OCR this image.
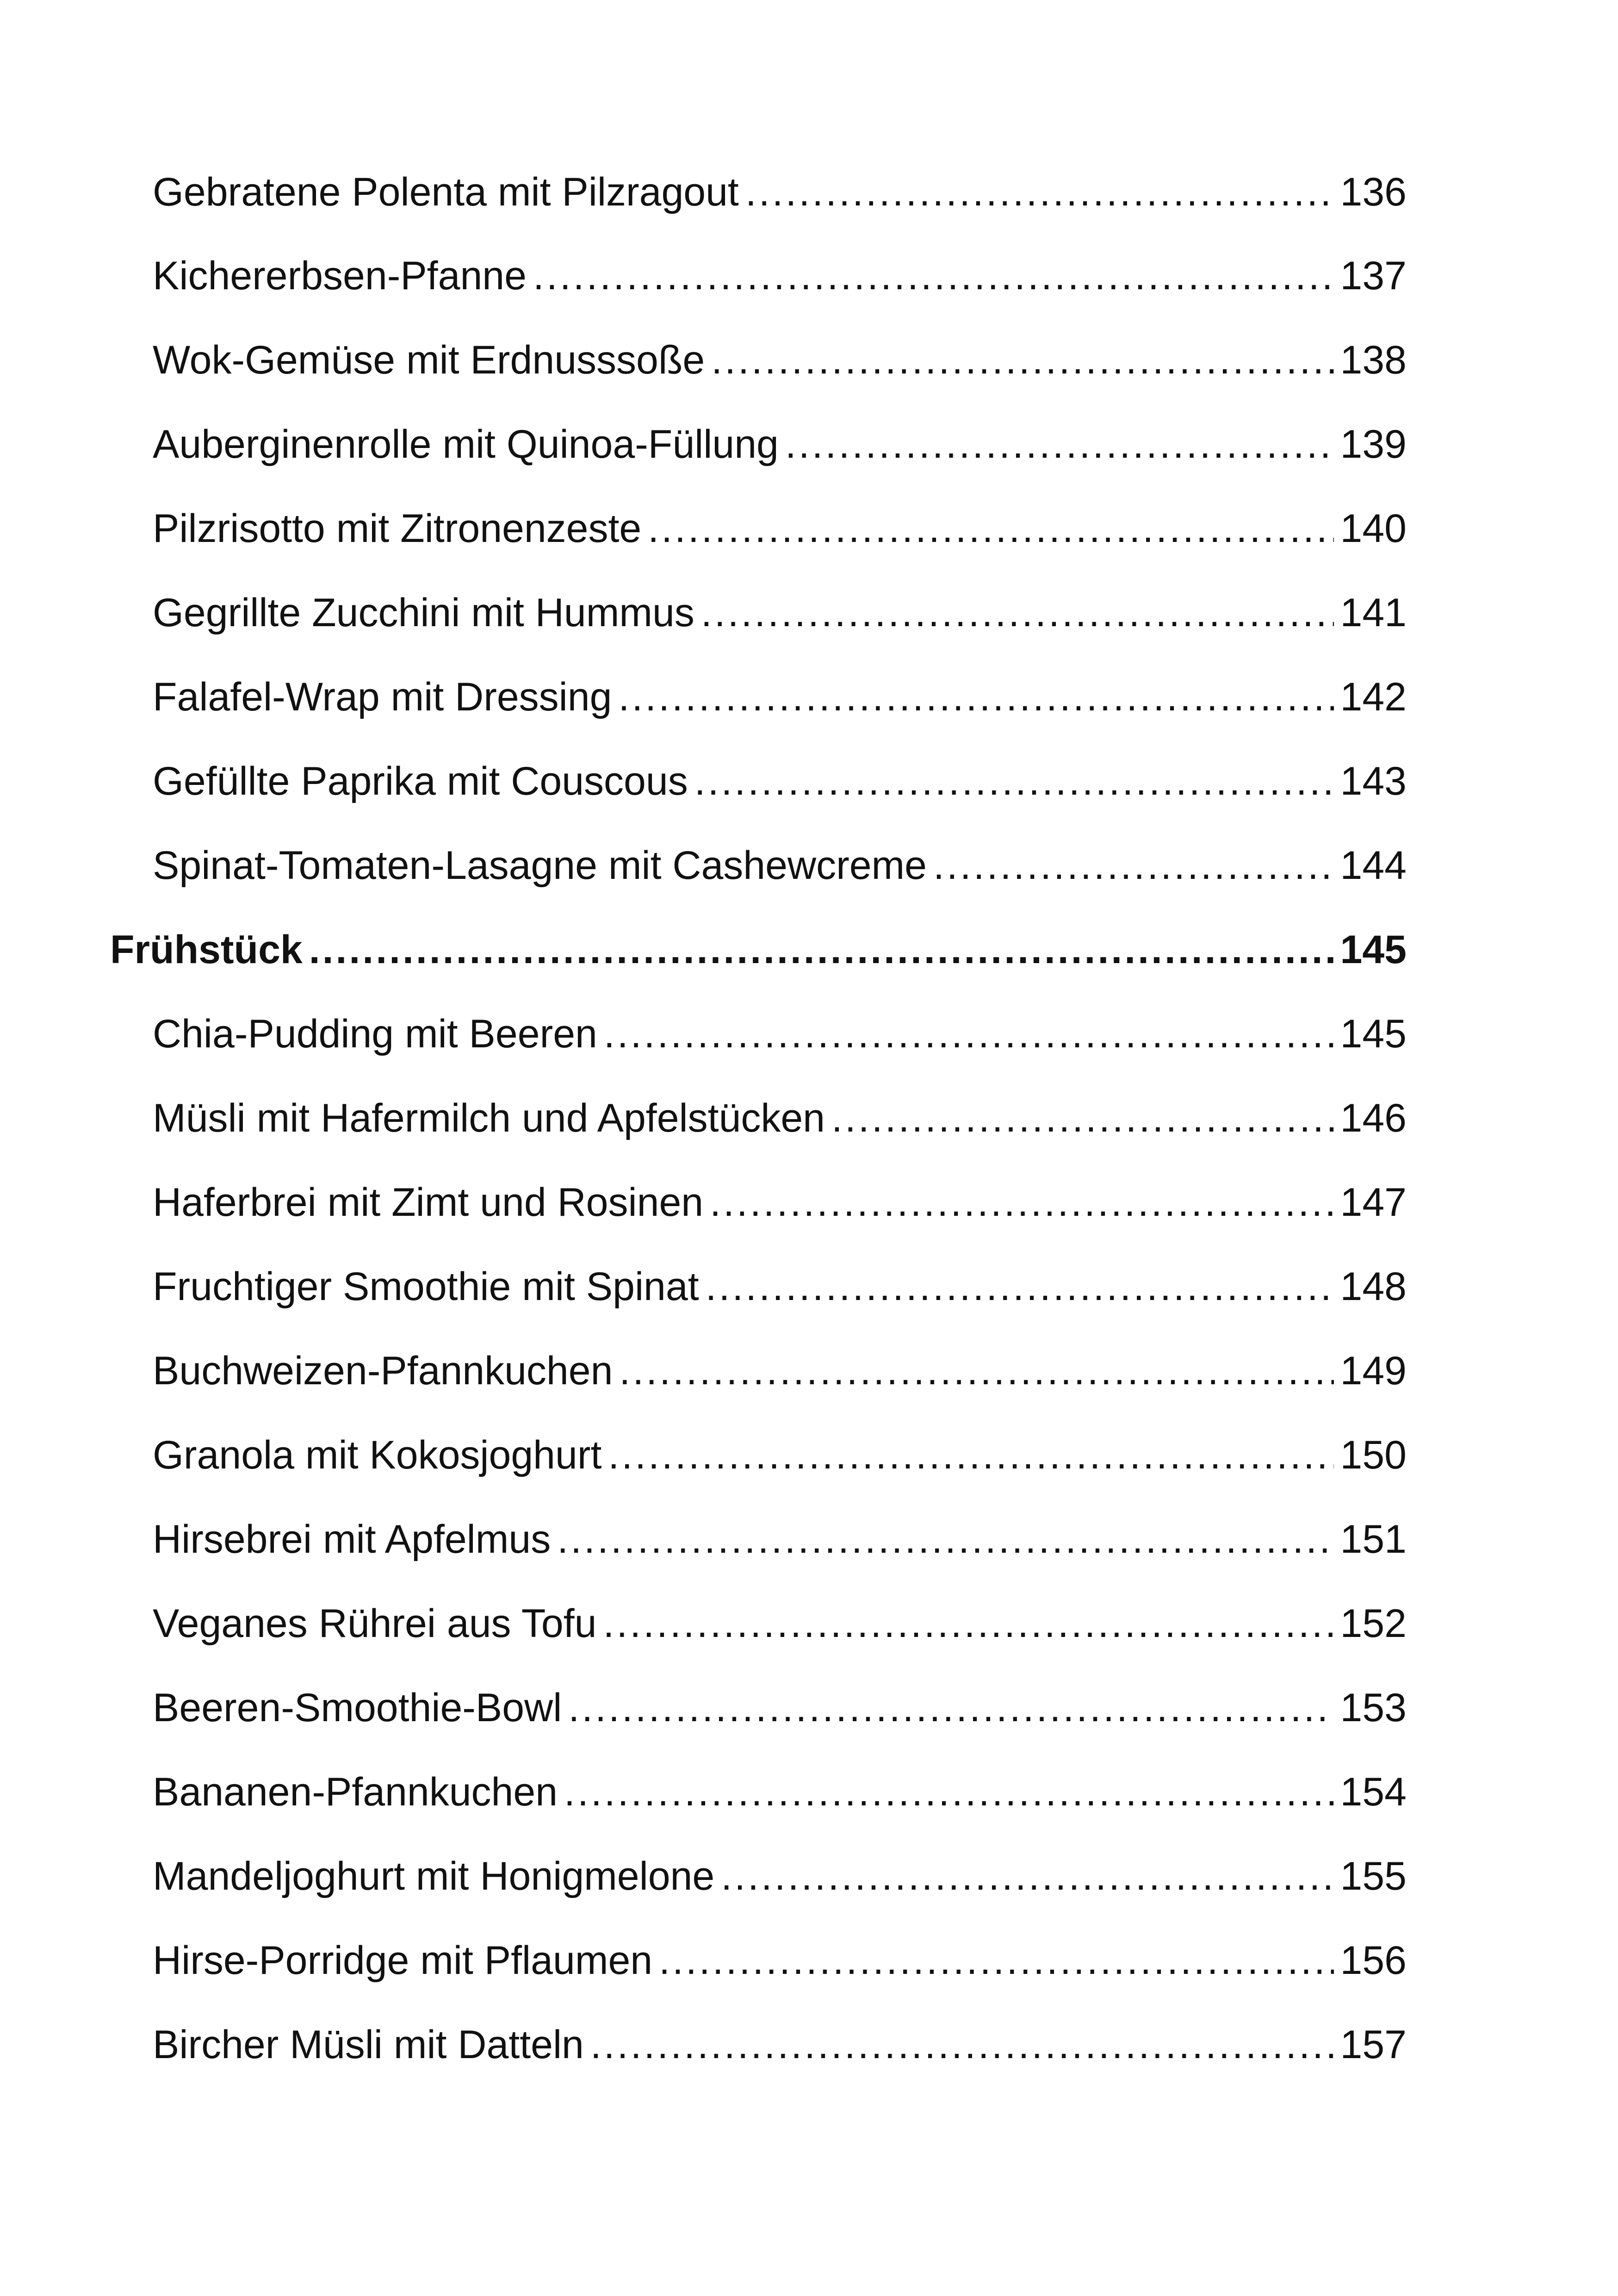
Gebratene Polenta mit Pilzragout .....	136
Kichererbsen-Pfanne .....	137
Wok-Gemüse mit Erdnusssoße .....	138
Auberginenrolle mit Quinoa-Füllung .....	139
Pilzrisotto mit Zitronenzeste .....	140
Gegrillte Zucchini mit Hummus .....	141
Falafel-Wrap mit Dressing .....	142
Gefüllte Paprika mit Couscous .....	143
Spinat-Tomaten-Lasagne mit Cashewcreme .....	144
Frühstück .....	145
Chia-Pudding mit Beeren .....	145
Müsli mit Hafermilch und Apfelstücken .....	146
Haferbrei mit Zimt und Rosinen .....	147
Fruchtiger Smoothie mit Spinat .....	148
Buchweizen-Pfannkuchen .....	149
Granola mit Kokosjoghurt .....	150
Hirsebrei mit Apfelmus .....	151
Veganes Rührei aus Tofu .....	152
Beeren-Smoothie-Bowl .....	153
Bananen-Pfannkuchen .....	154
Mandeljoghurt mit Honigmelone .....	155
Hirse-Porridge mit Pflaumen .....	156
Bircher Müsli mit Datteln .....	157
